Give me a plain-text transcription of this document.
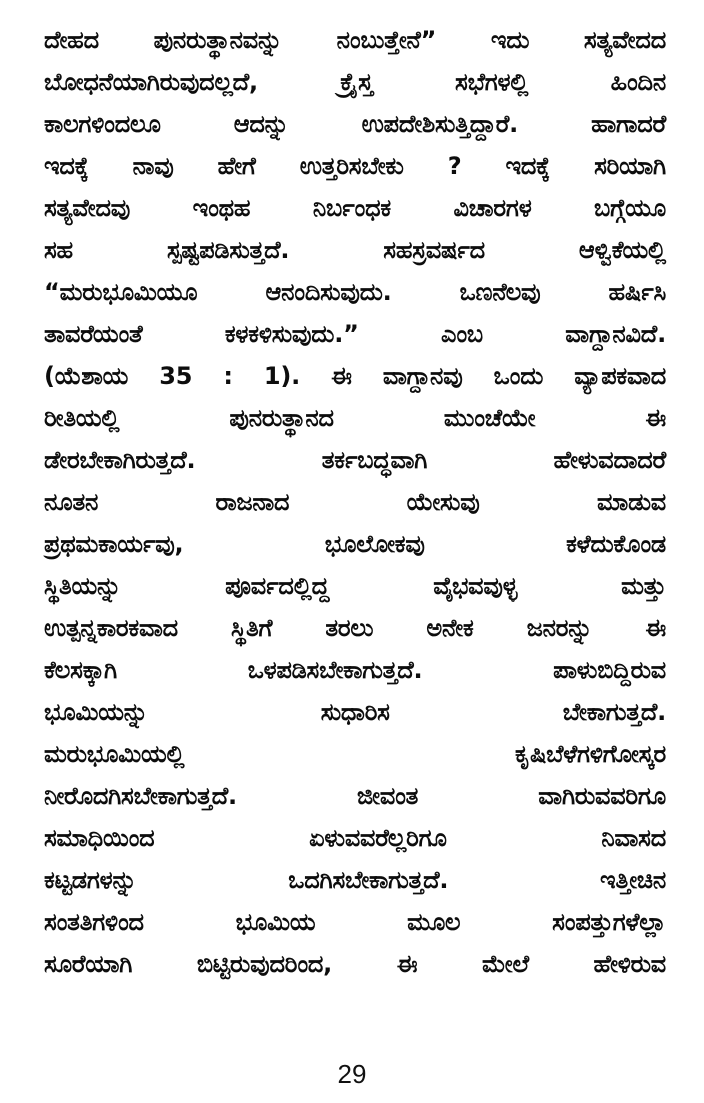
ದೇಹದ ಪುನರುತ್ಥಾನವನ್ನು ನಂಬುತ್ತೇನೆ” ಇದು ಸತ್ಯವೇದದ
ಬೋಧನೆಯಾಗಿರುವುದಲ್ಲದೆ, ಕ್ರೈಸ್ತ ಸಭೆಗಳಲ್ಲಿ ಹಿಂದಿನ
ಕಾಲಗಳಿಂದಲೂ ಆದನ್ನು ಉಪದೇಶಿಸುತ್ತಿದ್ದಾರೆ. ಹಾಗಾದರೆ
ಇದಕ್ಕೆ ನಾವು ಹೇಗೆ ಉತ್ತರಿಸಬೇಕು ? ಇದಕ್ಕೆ ಸರಿಯಾಗಿ
ಸತ್ಯವೇದವು ಇಂಥಹ ನಿರ್ಬಂಧಕ ವಿಚಾರಗಳ ಬಗ್ಗೆಯೂ
ಸಹ ಸ್ಪಷ್ಟಪಡಿಸುತ್ತದೆ. ಸಹಸ್ರವರ್ಷದ ಆಳ್ವಿಕೆಯಲ್ಲಿ
“ಮರುಭೂಮಿಯೂ ಆನಂದಿಸುವುದು. ಒಣನೆಲವು ಹರ್ಷಿಸಿ
ತಾವರೆಯಂತೆ ಕಳಕಳಿಸುವುದು.” ಎಂಬ ವಾಗ್ದಾನವಿದೆ.
(ಯೆಶಾಯ 35 : 1). ಈ ವಾಗ್ದಾನವು ಒಂದು ವ್ಯಾಪಕವಾದ
ರೀತಿಯಲ್ಲಿ ಪುನರುತ್ಥಾನದ ಮುಂಚೆಯೇ ಈ
ಡೇರಬೇಕಾಗಿರುತ್ತದೆ. ತರ್ಕಬದ್ಧವಾಗಿ ಹೇಳುವದಾದರೆ
ನೂತನ ರಾಜನಾದ ಯೇಸುವು ಮಾಡುವ
ಪ್ರಥಮಕಾರ್ಯವು, ಭೂಲೋಕವು ಕಳೆದುಕೊಂಡ
ಸ್ಥಿತಿಯನ್ನು ಪೂರ್ವದಲ್ಲಿದ್ದ ವೈಭವವುಳ್ಳ ಮತ್ತು
ಉತ್ಪನ್ನಕಾರಕವಾದ ಸ್ಥಿತಿಗೆ ತರಲು ಅನೇಕ ಜನರನ್ನು ಈ
ಕೆಲಸಕ್ಕಾಗಿ ಒಳಪಡಿಸಬೇಕಾಗುತ್ತದೆ. ಪಾಳುಬಿದ್ದಿರುವ
ಭೂಮಿಯನ್ನು ಸುಧಾರಿಸ ಬೇಕಾಗುತ್ತದೆ.
ಮರುಭೂಮಿಯಲ್ಲಿ ಕೃಷಿಬೆಳೆಗಳಿಗೋಸ್ಕರ
ನೀರೊದಗಿಸಬೇಕಾಗುತ್ತದೆ. ಜೀವಂತ ವಾಗಿರುವವರಿಗೂ
ಸಮಾಧಿಯಿಂದ ಏಳುವವರೆಲ್ಲರಿಗೂ ನಿವಾಸದ
ಕಟ್ಟಡಗಳನ್ನು ಒದಗಿಸಬೇಕಾಗುತ್ತದೆ. ಇತ್ತೀಚಿನ
ಸಂತತಿಗಳಿಂದ ಭೂಮಿಯ ಮೂಲ ಸಂಪತ್ತುಗಳೆಲ್ಲಾ
ಸೂರೆಯಾಗಿ ಬಿಟ್ಟಿರುವುದರಿಂದ, ಈ ಮೇಲೆ ಹೇಳಿರುವ
29
